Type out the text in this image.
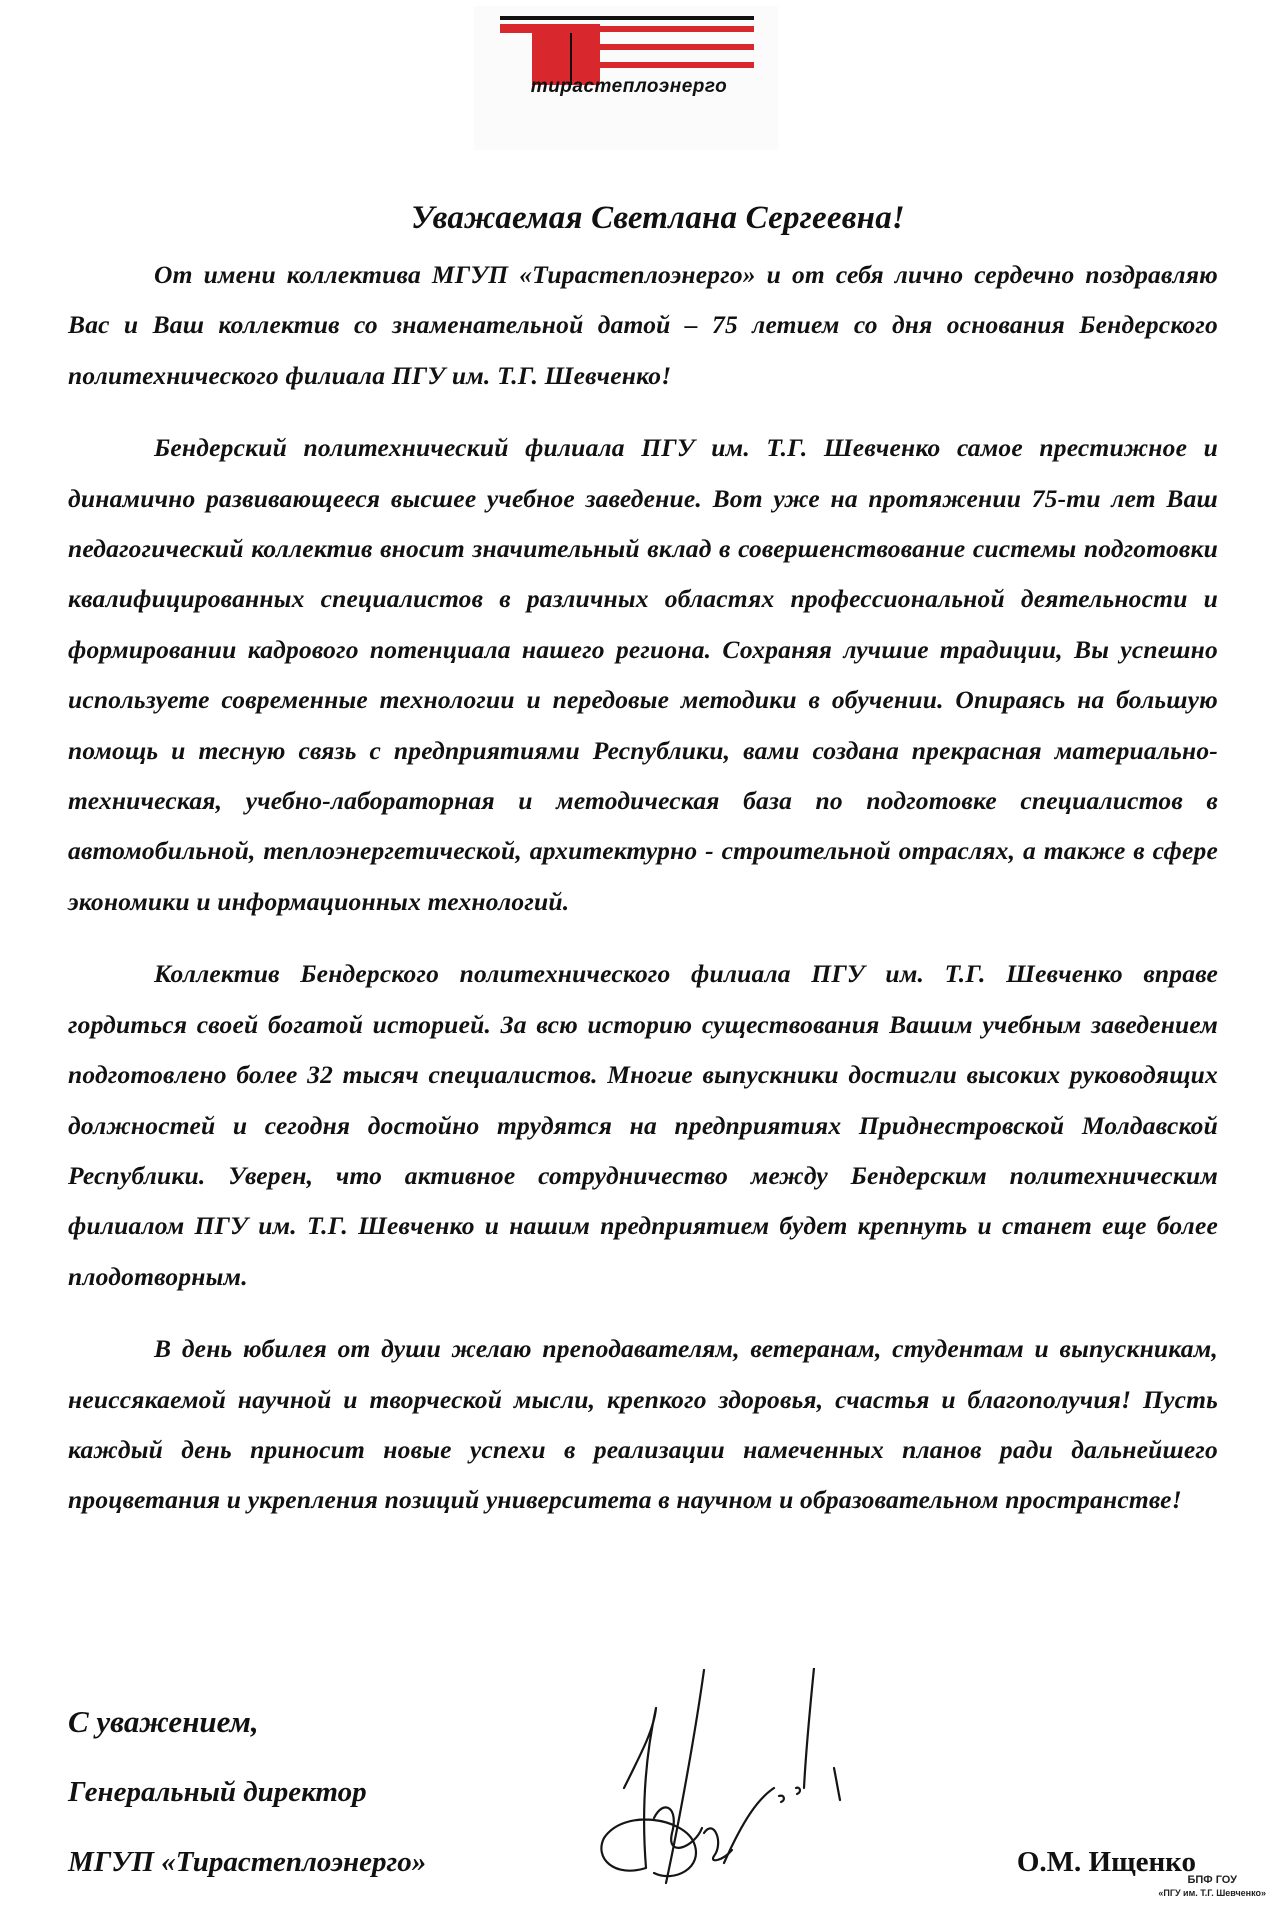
тирастеплоэнерго
Уважаемая Светлана Сергеевна!

От имени коллектива МГУП «Тирастеплоэнерго» и от себя лично сердечно поздравляю Вас и Ваш коллектив со знаменательной датой – 75 летием со дня основания Бендерского политехнического филиала ПГУ им. Т.Г. Шевченко!

Бендерский политехнический филиала ПГУ им. Т.Г. Шевченко самое престижное и динамично развивающееся высшее учебное заведение. Вот уже на протяжении 75-ти лет Ваш педагогический коллектив вносит значительный вклад в совершенствование системы подготовки квалифицированных специалистов в различных областях профессиональной деятельности и формировании кадрового потенциала нашего региона. Сохраняя лучшие традиции, Вы успешно используете современные технологии и передовые методики в обучении. Опираясь на большую помощь и тесную связь с предприятиями Республики, вами создана прекрасная материально-техническая, учебно-лабораторная и методическая база по подготовке специалистов в автомобильной, теплоэнергетической, архитектурно - строительной отраслях, а также в сфере экономики и информационных технологий.

Коллектив Бендерского политехнического филиала ПГУ им. Т.Г. Шевченко вправе гордиться своей богатой историей. За всю историю существования Вашим учебным заведением подготовлено более 32 тысяч специалистов. Многие выпускники достигли высоких руководящих должностей и сегодня достойно трудятся на предприятиях Приднестровской Молдавской Республики. Уверен, что активное сотрудничество между Бендерским политехническим филиалом ПГУ им. Т.Г. Шевченко и нашим предприятием будет крепнуть и станет еще более плодотворным.

В день юбилея от души желаю преподавателям, ветеранам, студентам и выпускникам, неиссякаемой научной и творческой мысли, крепкого здоровья, счастья и благополучия! Пусть каждый день приносит новые успехи в реализации намеченных планов ради дальнейшего процветания и укрепления позиций университета в научном и образовательном пространстве!

С уважением,
Генеральный директор
МГУП «Тирастеплоэнерго»	О.М. Ищенко
БПФ ГОУ
«ПГУ им. Т.Г. Шевченко»
